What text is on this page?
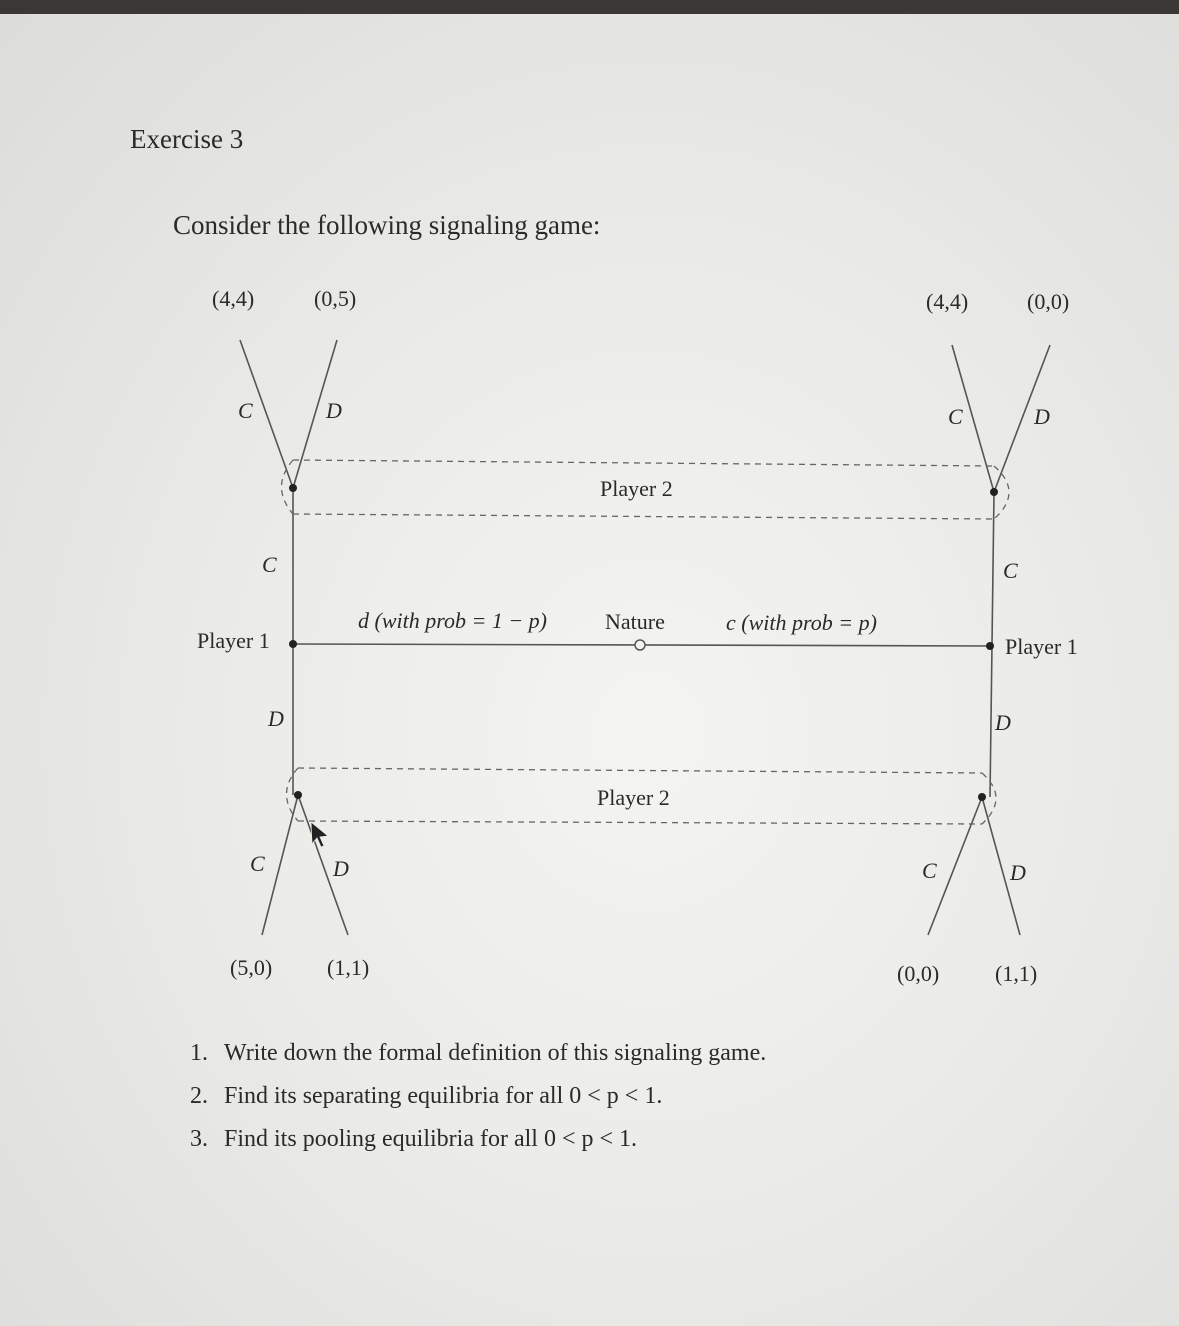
Exercise 3
Consider the following signaling game:
(4,4)	(0,5)	(4,4)	(0,0)
(5,0) (1,1)	(0,0)	(1,1)
C	D	C	D
C	C
D	D
C	D	C	D
Player 2
Player 2
Player 1	Player 1
Nature
d (with prob = 1 − p)	c (with prob = p)
1. Write down the formal definition of this signaling game.
2. Find its separating equilibria for all 0 < p < 1.
3. Find its pooling equilibria for all 0 < p < 1.
